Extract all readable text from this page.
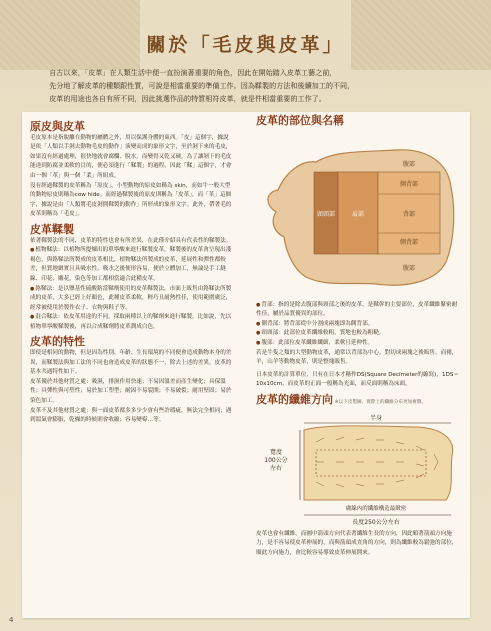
關於「毛皮與皮革」

自古以來，「皮革」在人類生活中便一直扮演著重要的角色，因此在開始踏入皮革工藝之前，

先分地了解皮革的種類跟性質，可說是相當重要的準備工作。因為鞣製的方法和後續加工的不同，

皮革的用途也各自有所不同，因此挑選作品的特質相符皮革，就是件相當重要的工作了。

原皮與皮革

毛皮原本是指脫離在動物的屬體之外，用以保護身體的東西。「皮」這個字，據說是依「人類以手剝去動物毛皮的動作」演變而成的象形文字，至於剝下來的毛皮，如果沒有經過處理，很快地就會腐爛、脫水，而變得又乾又硬。為了讓剝下的毛皮能達到防腐並柔軟的目的，便必須進行「鞣製」的過程，因此「鞣」這個字，才會由一個「革」與一個「柔」所組成。

沒有經過鞣製的皮革稱為「原皮」，小型動物的原皮如稱為 skin，而如牛一般大型的動物原皮則稱為cow hide。而經過鞣製後的原皮則稱為「皮革」，而「革」這個字，據說是由「人類將毛皮剝開鞣製的動作」所形成的象形文字。此外，帶著毛的皮革則稱為「毛皮」。

皮革鞣製

依著鞣製法的不同，皮革的特性也會有所差異，在此僅介紹具有代表性的鞣製法。

● 植物鞣法：以植物所提煉出的單寧酸來進行鞣製皮革，鞣製後的皮革會呈現出淺褐色，與鉻鞣法所製成的皮革相比，植物鞣法所製成的皮革，延展性和彈性都較差，但質地緻實且具吸水性，吸水之後便形容易，便於立體加工，無論是手工縫線、印花、雕花，染色等加工都相當適合此種皮革。

● 鉻鞣法：是以鹽基性硫酸鉻當鞣劑使用的皮革鞣製法，市面上販售由鉻鞣法所製成的皮革，大多已經上好顏色，此種皮革柔軟，輕巧且耐熱性佳，使用範圍廣泛，經常被使用於製作衣子、衣物與鞋子等。

● 混合鞣法：依皮革用途的不同，採取兩種以上的鞣劑來進行鞣製，比如說，先以植物單寧酸鞣製後，再以合成鞣劑將皮革潤成白色。

皮革的特性

即使是相同的動物，但是因為性別、年齡、生長環境的不同便會造成動物本身的差異，而鞣製法與加工法的不同也會造成皮革的狀態不一，除去上述的差異，皮革的基本共通特性如下。

皮革優於其他材質之處：吸濕，排濕作用快速；不易因溫差而產生變化；具保溫性；具彈性與可塑性；易於加工塑型；耐固不易裂開；不易破裂；耐用堅固；易於染色加工。

皮革不及其他材質之處：與一面皮革都多多少少會有些許瑕疵，無法完全相同；遇到溫氣會膨脹，乾燥的時候則會收縮；容易變霉…等。

皮革的部位與名稱
頭頸部	肩部
腹部
側背部
背部
側背部
腹部

● 背部：指的是除去腹部與頸部之後的皮革，是鞣幹的主要部位，皮革纖維緊密耐性佳，屬於品質優異的部位。

● 側背部：將背部從中分割成兩塊即為側背部。

● 頸頸部：此部位皮革纖維較粗，質地也較為粗糙。

● 腹部：此部位皮革纖維纖細，柔軟且延伸性。

若是牛隻之類的大型動物皮革，通常以背部為中心，對切成兩塊之後販售。而豬，羊，山羊等動物皮革，則是整塊販售。

日本皮革的計算單位，只有在日本才稱作DS(Square Decimeter的縮寫)，1DS＝10x10cm，而皮革的正面一般稱為光面，而反面則稱為床面。

皮革的纖維方向 ※以下皮製圖，實際上的纖維分布更加複雜。
半身
寬度 100公分左右
盧線內的纖維構造最緻密
長度250公分左右

皮革也會有纖維，而圖中箭頭方向代表著纖維生長的方向，因此順著箭頭方向施力，是不容易使皮革伸展的，而與箭頭成直角的方向，則為纖維較為鬆弛的部位，順此方向施力，會比較容易導致皮革伸展開來。

4
